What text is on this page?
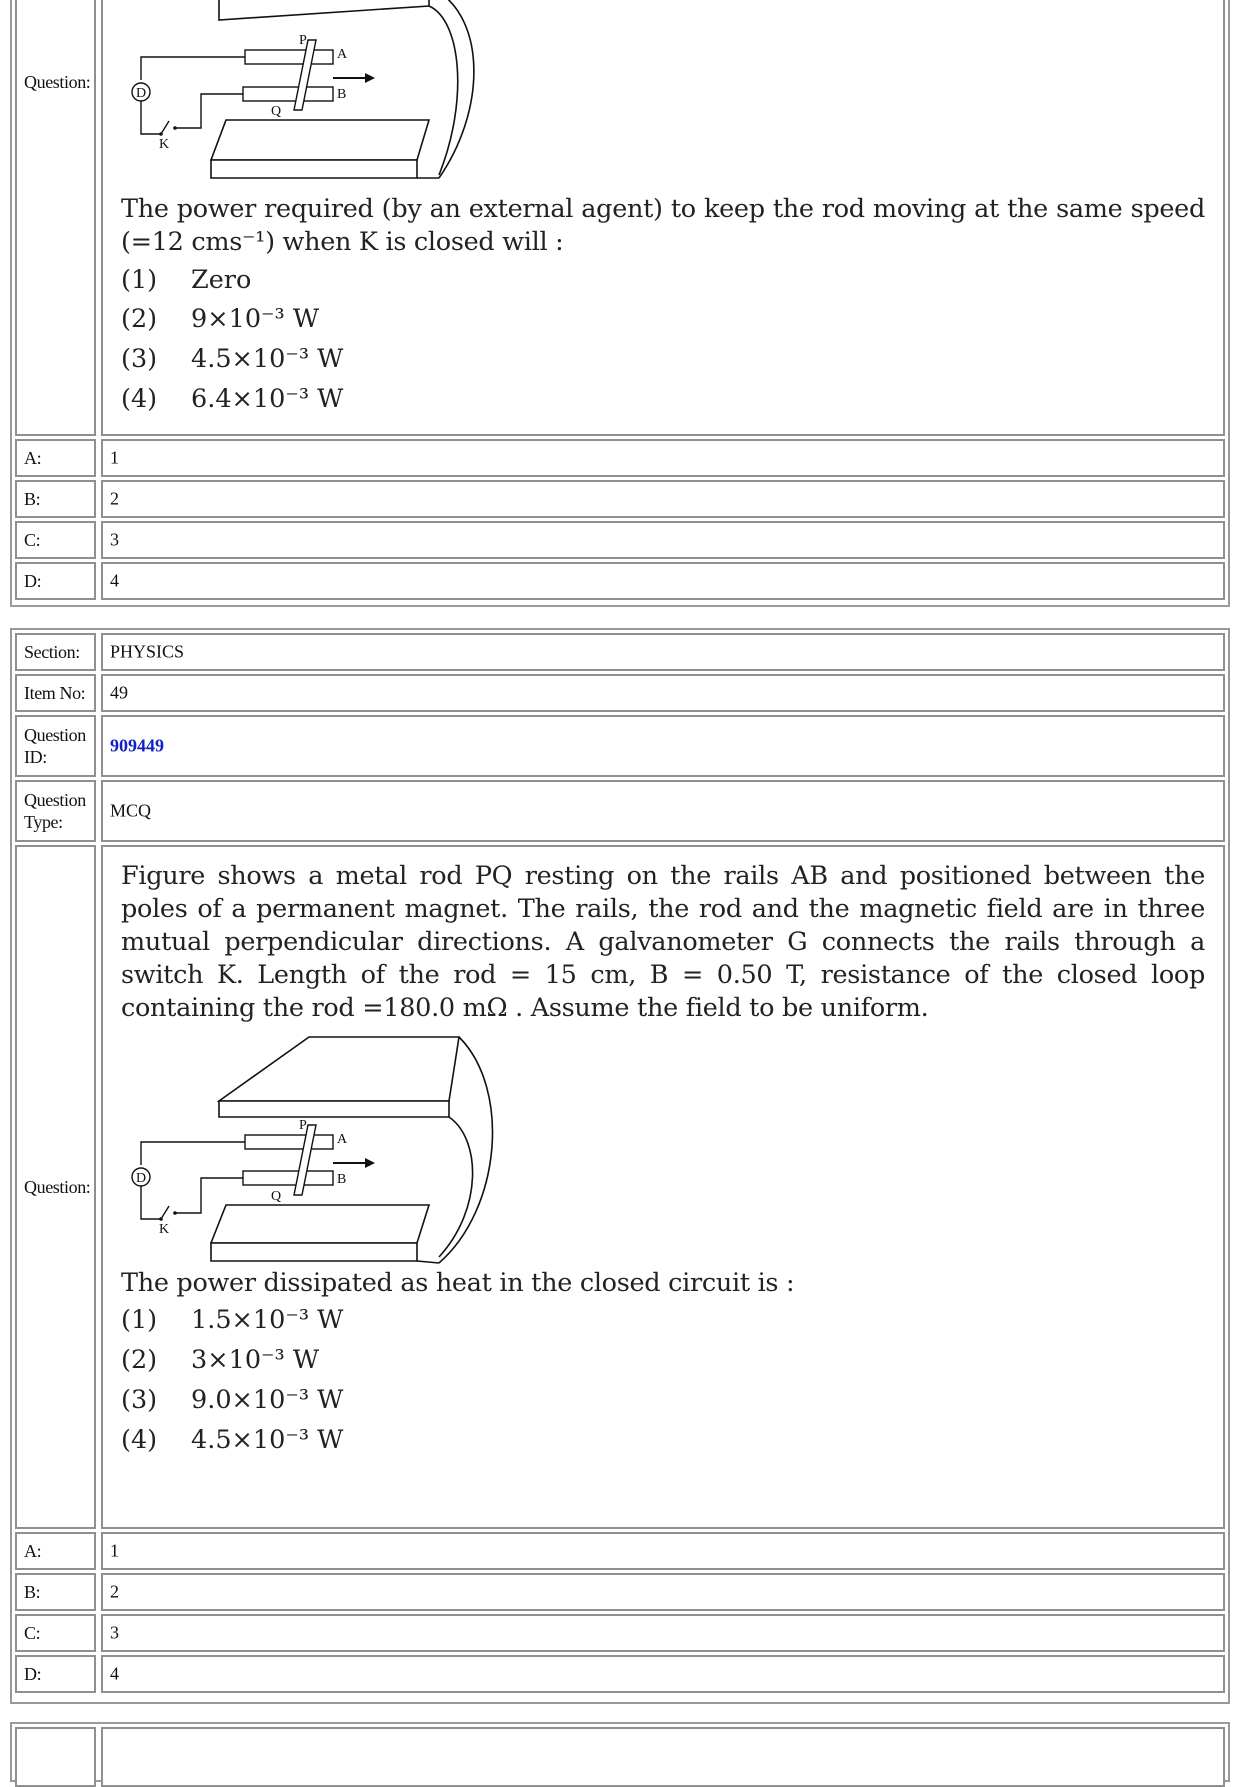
Question:
P
Q
A
B
D
K
The power required (by an external agent) to keep the rod moving at the same speed (=12 cms⁻¹) when K is closed will :
(1) Zero
(2) 9×10⁻³ W
(3) 4.5×10⁻³ W
(4) 6.4×10⁻³ W
A:	1
B:	2
C:	3
D:	4
Section:	PHYSICS
Item No: 49
Question ID:
909449
Question Type:
MCQ
Question:
Figure shows a metal rod PQ resting on the rails AB and positioned between the poles of a permanent magnet. The rails, the rod and the magnetic field are in three mutual perpendicular directions. A galvanometer G connects the rails through a switch K. Length of the rod = 15 cm, B = 0.50 T, resistance of the closed loop containing the rod =180.0 mΩ . Assume the field to be uniform.
P
Q
A
B
D
K
The power dissipated as heat in the closed circuit is :
(1) 1.5×10⁻³ W
(2) 3×10⁻³ W
(3) 9.0×10⁻³ W
(4) 4.5×10⁻³ W
A:	1
B:	2
C:	3
D:	4
